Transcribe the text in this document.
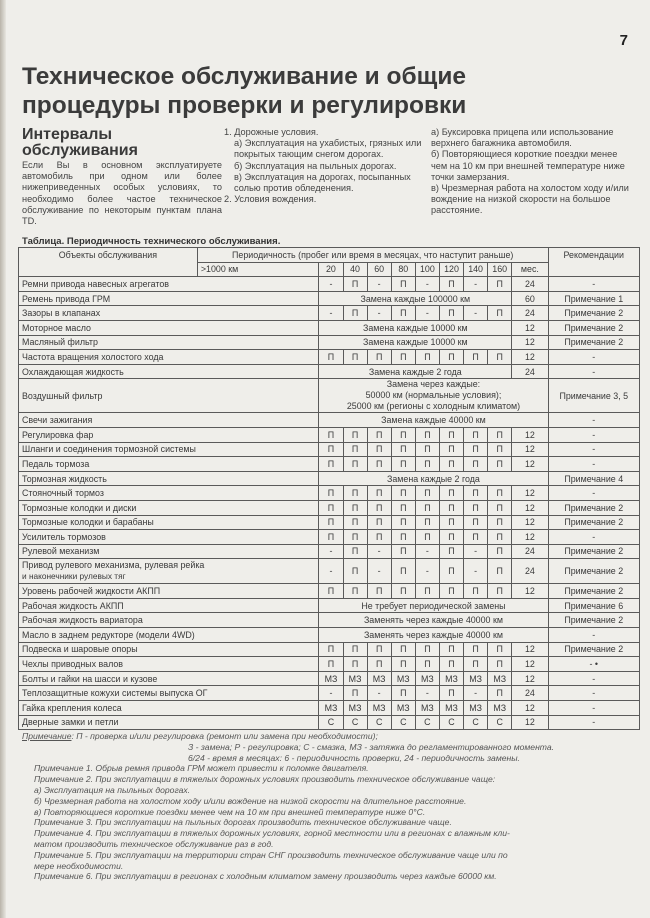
7
Техническое обслуживание и общие
процедуры проверки и регулировки
Интервалы
обслуживания

Если Вы в основном эксплуатируете автомобиль при одном или более нижеприведенных особых условиях, то необходимо более частое техническое обслуживание по некоторым пунктам плана TD.

1. Дорожные условия.
а) Эксплуатация на ухабистых, грязных или покрытых тающим снегом дорогах.
б) Эксплуатация на пыльных дорогах.
в) Эксплуатация на дорогах, посыпанных солью против обледенения.
2. Условия вождения.
а) Буксировка прицепа или использование верхнего багажника автомобиля.
б) Повторяющиеся короткие поездки менее чем на 10 км при внешней температуре ниже точки замерзания.
в) Чрезмерная работа на холостом ходу и/или вождение на низкой скорости на большое расстояние.
Таблица. Периодичность технического обслуживания.
Объекты обслуживания	Периодичность (пробег или время в месяцах, что наступит раньше)										Рекомендации
	>1000 км	20	40	60	80	100	120	140	160	мес.	
Ремни привода навесных агрегатов		-	П	-	П	-	П	-	П	24	-
Ремень привода ГРМ		Замена каждые 100000 км								60	Примечание 1
Зазоры в клапанах		-	П	-	П	-	П	-	П	24	Примечание 2
Моторное масло		Замена каждые 10000 км								12	Примечание 2
Масляный фильтр		Замена каждые 10000 км								12	Примечание 2
Частота вращения холостого хода		П	П	П	П	П	П	П	П	12	-
Охлаждающая жидкость		Замена каждые 2 года								24	-
Воздушный фильтр		Замена через каждые:
50000 км (нормальные условия);
25000 км (регионы с холодным климатом)									Примечание 3, 5
Свечи зажигания		Замена каждые 40000 км									-
Регулировка фар		П	П	П	П	П	П	П	П	12	-
Шланги и соединения тормозной системы		П	П	П	П	П	П	П	П	12	-
Педаль тормоза		П	П	П	П	П	П	П	П	12	-
Тормозная жидкость		Замена каждые 2 года									Примечание 4
Стояночный тормоз		П	П	П	П	П	П	П	П	12	-
Тормозные колодки и диски		П	П	П	П	П	П	П	П	12	Примечание 2
Тормозные колодки и барабаны		П	П	П	П	П	П	П	П	12	Примечание 2
Усилитель тормозов		П	П	П	П	П	П	П	П	12	-
Рулевой механизм		-	П	-	П	-	П	-	П	24	Примечание 2

Привод рулевого механизма, рулевая рейка
и наконечники рулевых тяг		-	П	-	П	-	П	-	П	24	Примечание 2
Уровень рабочей жидкости АКПП		П	П	П	П	П	П	П	П	12	Примечание 2
Рабочая жидкость АКПП		Не требует периодической замены									Примечание 6
Рабочая жидкость вариатора		Заменять через каждые 40000 км									Примечание 2
Масло в заднем редукторе (модели 4WD)		Заменять через каждые 40000 км									-
Подвеска и шаровые опоры		П	П	П	П	П	П	П	П	12	Примечание 2
Чехлы приводных валов		П	П	П	П	П	П	П	П	12	- •
Болты и гайки на шасси и кузове		МЗ	МЗ	МЗ	МЗ	МЗ	МЗ	МЗ	МЗ	12	-
Теплозащитные кожухи системы выпуска ОГ		-	П	-	П	-	П	-	П	24	-
Гайка крепления колеса		МЗ	МЗ	МЗ	МЗ	МЗ	МЗ	МЗ	МЗ	12	-
Дверные замки и петли		С	С	С	С	С	С	С	С	12	-
Примечание: П - проверка и/или регулировка (ремонт или замена при необходимости);
З - замена; Р - регулировка; С - смазка, МЗ - затяжка до регламентированного момента.
6/24 - время в месяцах: 6 - периодичность проверки, 24 - периодичность замены.
Примечание 1. Обрыв ремня привода ГРМ может привести к поломке двигателя.
Примечание 2. При эксплуатации в тяжелых дорожных условиях производить техническое обслуживание чаще:
а) Эксплуатация на пыльных дорогах.
б) Чрезмерная работа на холостом ходу и/или вождение на низкой скорости на длительное расстояние.
в) Повторяющиеся короткие поездки менее чем на 10 км при внешней температуре ниже 0°С.
Примечание 3. При эксплуатации на пыльных дорогах производить техническое обслуживание чаще.
Примечание 4. При эксплуатации в тяжелых дорожных условиях, горной местности или в регионах с влажным кли-
матом производить техническое обслуживание раз в год.
Примечание 5. При эксплуатации на территории стран СНГ производить техническое обслуживание чаще или по
мере необходимости.
Примечание 6. При эксплуатации в регионах с холодным климатом замену производить через каждые 60000 км.
